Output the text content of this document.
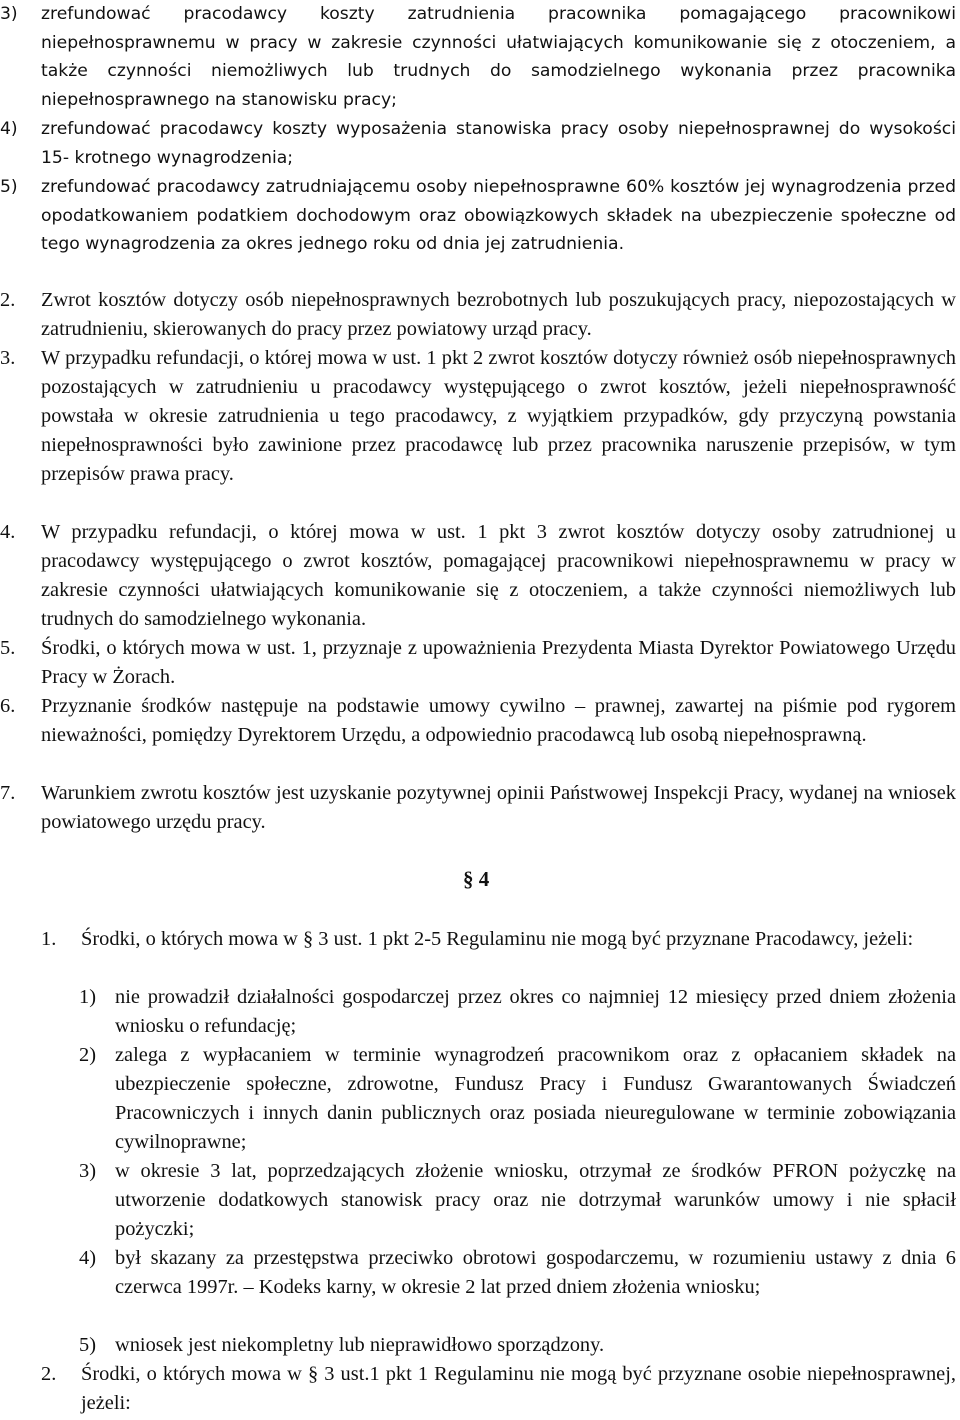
3)	zrefundować pracodawcy koszty zatrudnienia pracownika pomagającego pracownikowi niepełnosprawnemu w pracy w zakresie czynności ułatwiających komunikowanie się z otoczeniem, a także czynności niemożliwych lub trudnych do samodzielnego wykonania przez pracownika niepełnosprawnego na stanowisku pracy;

4)	zrefundować pracodawcy koszty wyposażenia stanowiska pracy osoby niepełnosprawnej do wysokości 15- krotnego wynagrodzenia;

5)	zrefundować pracodawcy zatrudniającemu osoby niepełnosprawne 60% kosztów jej wynagrodzenia przed opodatkowaniem podatkiem dochodowym oraz obowiązkowych składek na ubezpieczenie społeczne od tego wynagrodzenia za okres jednego roku od dnia jej zatrudnienia.

2.	Zwrot kosztów dotyczy osób niepełnosprawnych bezrobotnych lub poszukujących pracy, niepozostających w zatrudnieniu, skierowanych do pracy przez powiatowy urząd pracy.

3.	W przypadku refundacji, o której mowa w ust. 1 pkt 2 zwrot kosztów dotyczy również osób niepełnosprawnych pozostających w zatrudnieniu u pracodawcy występującego o zwrot kosztów, jeżeli niepełnosprawność powstała w okresie zatrudnienia u tego pracodawcy, z wyjątkiem przypadków, gdy przyczyną powstania niepełnosprawności było zawinione przez pracodawcę lub przez pracownika naruszenie przepisów, w tym przepisów prawa pracy.

4.	W przypadku refundacji, o której mowa w ust. 1 pkt 3 zwrot kosztów dotyczy osoby zatrudnionej u pracodawcy występującego o zwrot kosztów, pomagającej pracownikowi niepełnosprawnemu w pracy w zakresie czynności ułatwiających komunikowanie się z otoczeniem, a także czynności niemożliwych lub trudnych do samodzielnego wykonania.

5.	Środki, o których mowa w ust. 1, przyznaje z upoważnienia Prezydenta Miasta Dyrektor Powiatowego Urzędu Pracy w Żorach.

6.	Przyznanie środków następuje na podstawie umowy cywilno – prawnej, zawartej na piśmie pod rygorem nieważności, pomiędzy Dyrektorem Urzędu, a odpowiednio pracodawcą lub osobą niepełnosprawną.

7.	Warunkiem zwrotu kosztów jest uzyskanie pozytywnej opinii Państwowej Inspekcji Pracy, wydanej na wniosek powiatowego urzędu pracy.

§ 4
1.	Środki, o których mowa w § 3 ust. 1 pkt 2-5 Regulaminu nie mogą być przyznane Pracodawcy, jeżeli:

1) nie prowadził działalności gospodarczej przez okres co najmniej 12 miesięcy przed dniem złożenia wniosku o refundację;

2) zalega z wypłacaniem w terminie wynagrodzeń pracownikom oraz z opłacaniem składek na ubezpieczenie społeczne, zdrowotne, Fundusz Pracy i Fundusz Gwarantowanych Świadczeń Pracowniczych i innych danin publicznych oraz posiada nieuregulowane w terminie zobowiązania cywilnoprawne;

3) w okresie 3 lat, poprzedzających złożenie wniosku, otrzymał ze środków PFRON pożyczkę na utworzenie dodatkowych stanowisk pracy oraz nie dotrzymał warunków umowy i nie spłacił pożyczki;

4) był skazany za przestępstwa przeciwko obrotowi gospodarczemu, w rozumieniu ustawy z dnia 6 czerwca 1997r. – Kodeks karny, w okresie 2 lat przed dniem złożenia wniosku;

5) wniosek jest niekompletny lub nieprawidłowo sporządzony.

2.	Środki, o których mowa w § 3 ust.1 pkt 1 Regulaminu nie mogą być przyznane osobie niepełnosprawnej, jeżeli:
